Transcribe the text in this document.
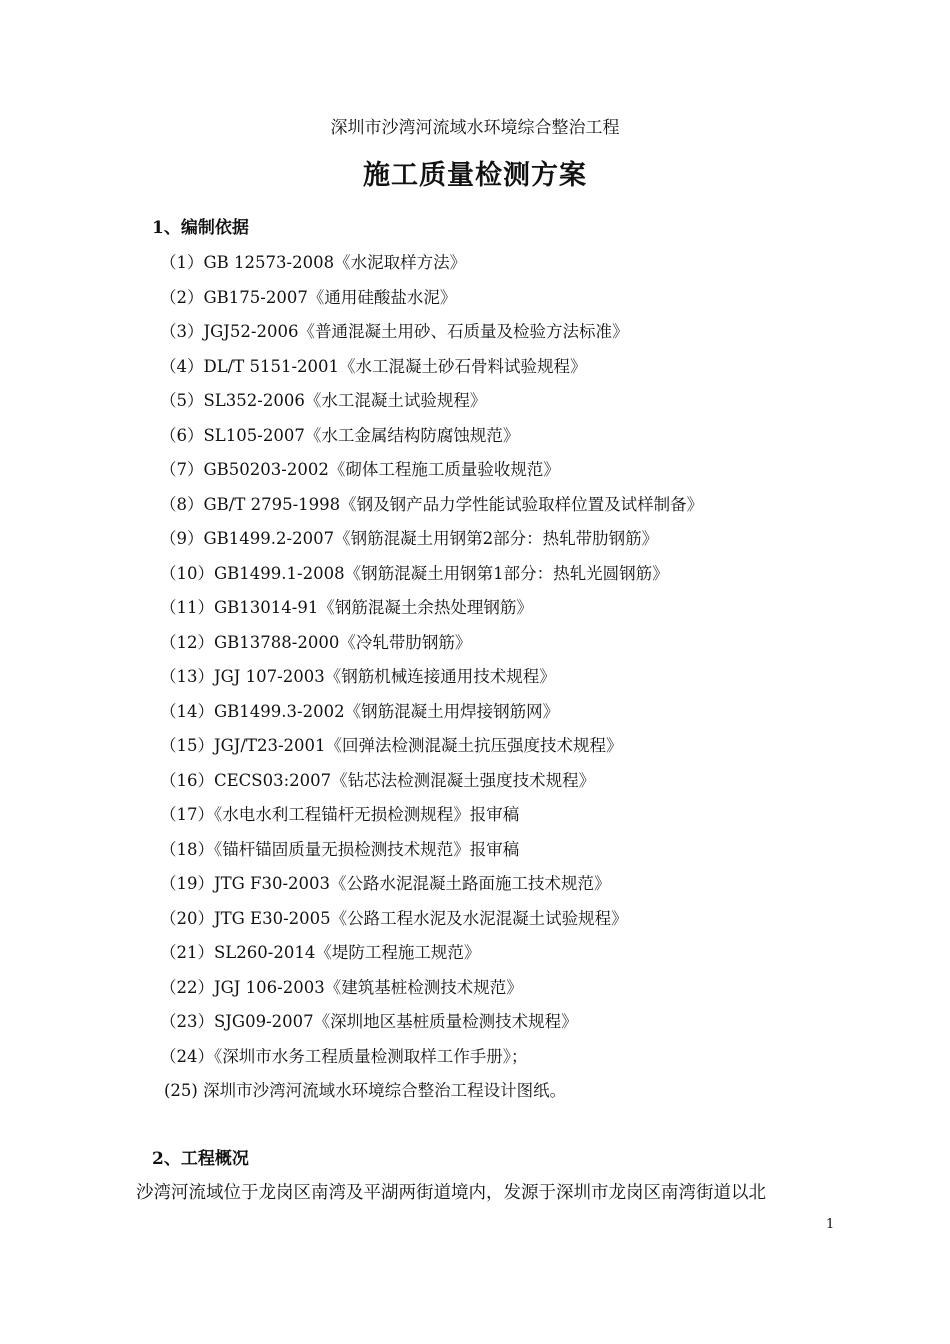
深圳市沙湾河流域水环境综合整治工程
施工质量检测方案
1、编制依据
（1）GB 12573-2008《水泥取样方法》
（2）GB175-2007《通用硅酸盐水泥》
（3）JGJ52-2006《普通混凝土用砂、石质量及检验方法标准》
（4）DL/T 5151-2001《水工混凝土砂石骨料试验规程》
（5）SL352-2006《水工混凝土试验规程》
（6）SL105-2007《水工金属结构防腐蚀规范》
（7）GB50203-2002《砌体工程施工质量验收规范》
（8）GB/T 2795-1998《钢及钢产品力学性能试验取样位置及试样制备》
（9）GB1499.2-2007《钢筋混凝土用钢第2部分：热轧带肋钢筋》
（10）GB1499.1-2008《钢筋混凝土用钢第1部分：热轧光圆钢筋》
（11）GB13014-91《钢筋混凝土余热处理钢筋》
（12）GB13788-2000《冷轧带肋钢筋》
（13）JGJ 107-2003《钢筋机械连接通用技术规程》
（14）GB1499.3-2002《钢筋混凝土用焊接钢筋网》
（15）JGJ/T23-2001《回弹法检测混凝土抗压强度技术规程》
（16）CECS03:2007《钻芯法检测混凝土强度技术规程》
（17）《水电水利工程锚杆无损检测规程》报审稿
（18）《锚杆锚固质量无损检测技术规范》报审稿
（19）JTG F30-2003《公路水泥混凝土路面施工技术规范》
（20）JTG E30-2005《公路工程水泥及水泥混凝土试验规程》
（21）SL260-2014《堤防工程施工规范》
（22）JGJ 106-2003《建筑基桩检测技术规范》
（23）SJG09-2007《深圳地区基桩质量检测技术规程》
（24）《深圳市水务工程质量检测取样工作手册》；
(25) 深圳市沙湾河流域水环境综合整治工程设计图纸。
2、工程概况
沙湾河流域位于龙岗区南湾及平湖两街道境内，发源于深圳市龙岗区南湾街道以北
1
